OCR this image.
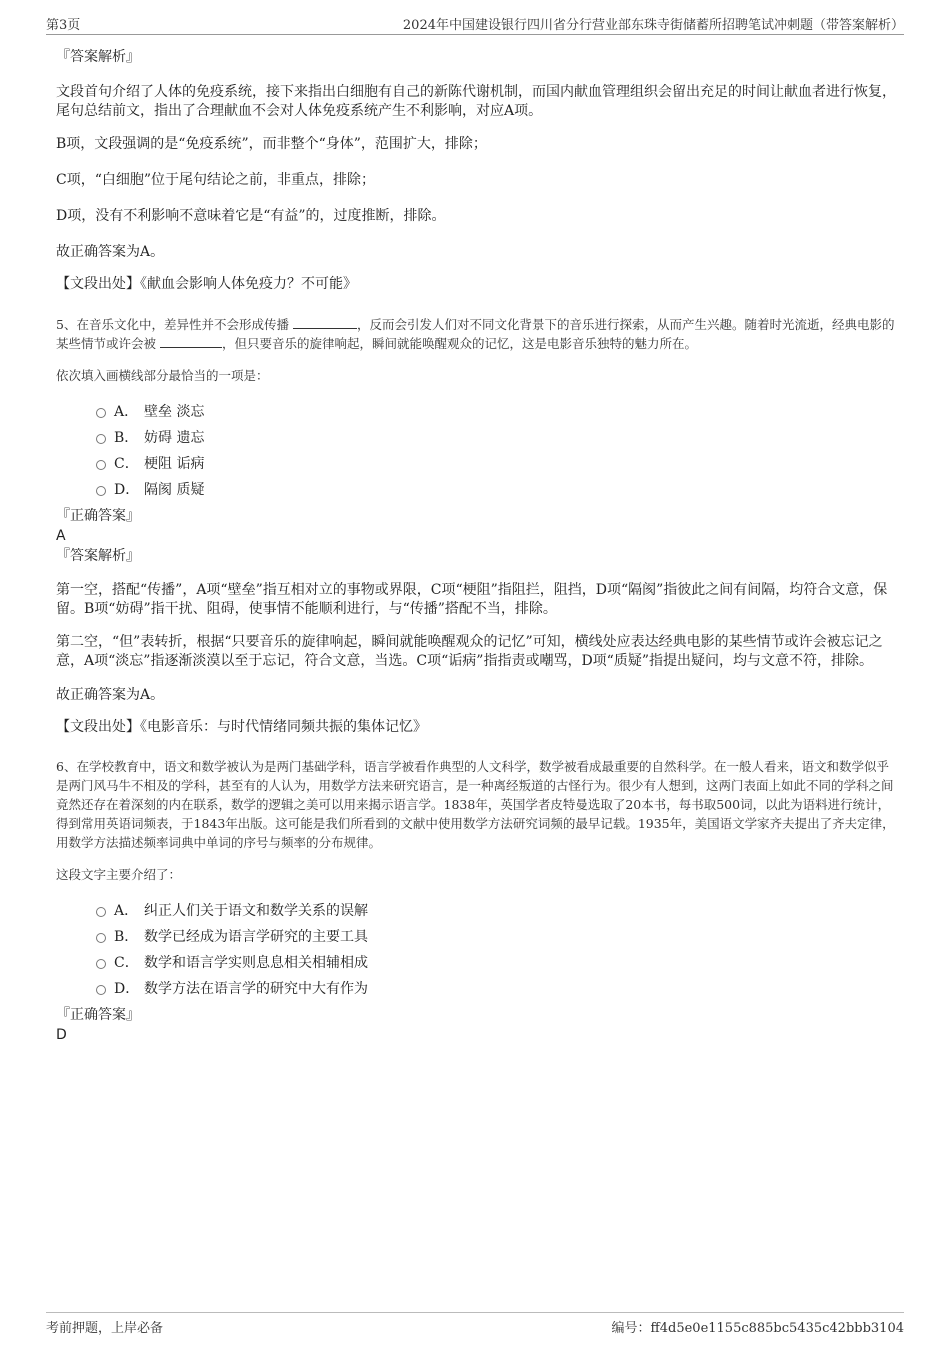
第3页	2024年中国建设银行四川省分行营业部东珠寺街储蓄所招聘笔试冲刺题（带答案解析）

『答案解析』

文段首句介绍了人体的免疫系统，接下来指出白细胞有自己的新陈代谢机制，而国内献血管理组织会留出充足的时间让献血者进行恢复，尾句总结前文，指出了合理献血不会对人体免疫系统产生不利影响，对应A项。

B项，文段强调的是“免疫系统”，而非整个“身体”，范围扩大，排除；

C项，“白细胞”位于尾句结论之前，非重点，排除；

D项，没有不利影响不意味着它是“有益”的，过度推断，排除。

故正确答案为A。

【文段出处】《献血会影响人体免疫力？不可能》

5、在音乐文化中，差异性并不会形成传播	，反而会引发人们对不同文化背景下的音乐进行探索，从而产生兴趣。随着时光流逝，经典电影的某些情节或许会被	，但只要音乐的旋律响起，瞬间就能唤醒观众的记忆，这是电影音乐独特的魅力所在。

依次填入画横线部分最恰当的一项是：

A． 壁垒 淡忘
B． 妨碍 遗忘
C． 梗阻 诟病
D． 隔阂 质疑

『正确答案』

A

『答案解析』

第一空，搭配“传播”，A项“壁垒”指互相对立的事物或界限，C项“梗阻”指阻拦，阻挡，D项“隔阂”指彼此之间有间隔，均符合文意，保留。B项“妨碍”指干扰、阻碍，使事情不能顺利进行，与“传播”搭配不当，排除。

第二空，“但”表转折，根据“只要音乐的旋律响起，瞬间就能唤醒观众的记忆”可知，横线处应表达经典电影的某些情节或许会被忘记之意，A项“淡忘”指逐渐淡漠以至于忘记，符合文意，当选。C项“诟病”指指责或嘲骂，D项“质疑”指提出疑问，均与文意不符，排除。

故正确答案为A。

【文段出处】《电影音乐：与时代情绪同频共振的集体记忆》

6、在学校教育中，语文和数学被认为是两门基础学科，语言学被看作典型的人文科学，数学被看成最重要的自然科学。在一般人看来，语文和数学似乎是两门风马牛不相及的学科，甚至有的人认为，用数学方法来研究语言，是一种离经叛道的古怪行为。很少有人想到，这两门表面上如此不同的学科之间竟然还存在着深刻的内在联系，数学的逻辑之美可以用来揭示语言学。1838年，英国学者皮特曼选取了20本书，每书取500词，以此为语料进行统计，得到常用英语词频表，于1843年出版。这可能是我们所看到的文献中使用数学方法研究词频的最早记载。1935年，美国语文学家齐夫提出了齐夫定律，用数学方法描述频率词典中单词的序号与频率的分布规律。

这段文字主要介绍了：

A． 纠正人们关于语文和数学关系的误解
B． 数学已经成为语言学研究的主要工具
C． 数学和语言学实则息息相关相辅相成
D． 数学方法在语言学的研究中大有作为

『正确答案』

D

考前押题，上岸必备	编号：ff4d5e0e1155c885bc5435c42bbb3104
